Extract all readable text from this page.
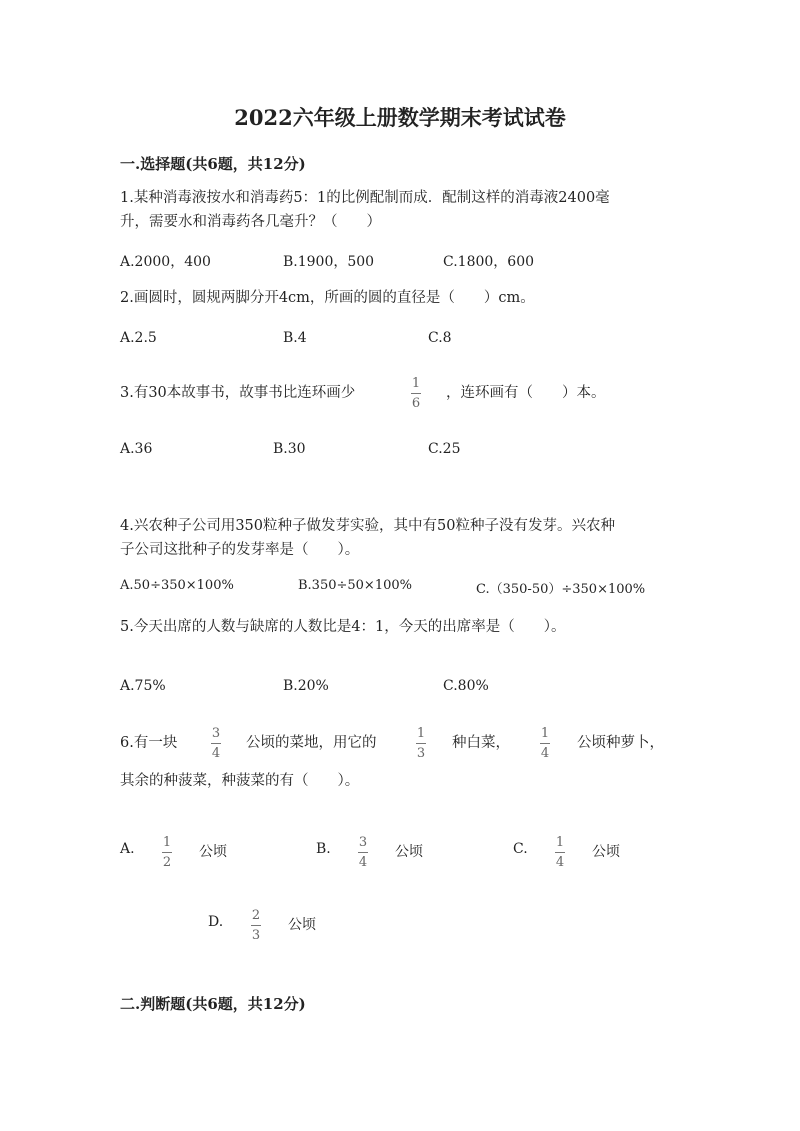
2022六年级上册数学期末考试试卷
一.选择题(共6题，共12分)
1.某种消毒液按水和消毒药5：1的比例配制而成．配制这样的消毒液2400毫
升，需要水和消毒药各几毫升？（　　）
A.2000，400	B.1900，500	C.1800，600
2.画圆时，圆规两脚分开4cm，所画的圆的直径是（　　）cm。
A.2.5	B.4	C.8
3.有30本故事书，故事书比连环画少
1
6
，连环画有（　　）本。
A.36	B.30	C.25
4.兴农种子公司用350粒种子做发芽实验，其中有50粒种子没有发芽。兴农种
子公司这批种子的发芽率是（　　）。
A.50÷350×100%	B.350÷50×100%	C.（350-50）÷350×100%
5.今天出席的人数与缺席的人数比是4：1，今天的出席率是（　　）。
A.75%	B.20%	C.80%
6.有一块
3
4
公顷的菜地，用它的
1
3
种白菜，
1
4
公顷种萝卜，
其余的种菠菜，种菠菜的有（　　）。
A. 1
2
公顷	B. 3
4
公顷	C. 1
4
公顷
D. 2
3
公顷
二.判断题(共6题，共12分)
